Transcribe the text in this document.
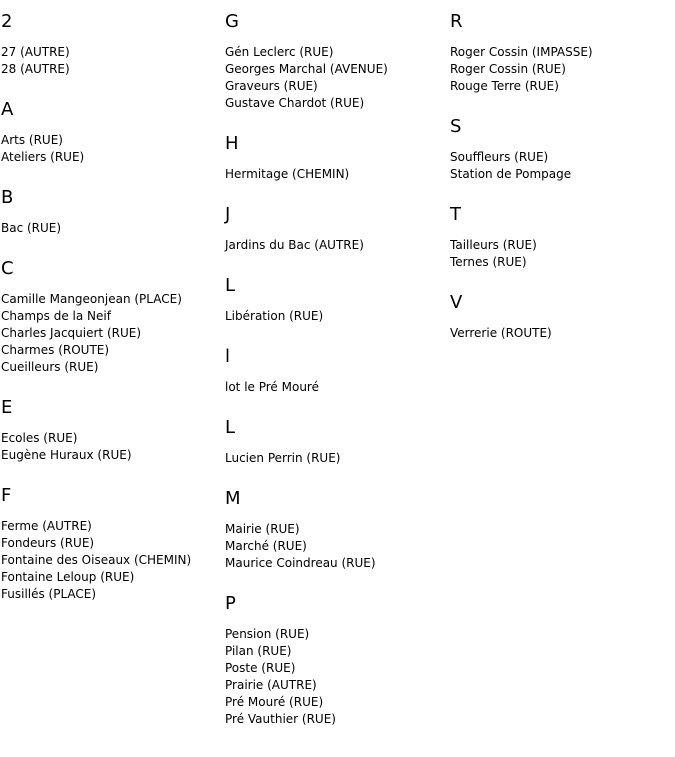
2
27 (AUTRE)
28 (AUTRE)
A
Arts (RUE)
Ateliers (RUE)
B
Bac (RUE)
C
Camille Mangeonjean (PLACE)
Champs de la Neif
Charles Jacquiert (RUE)
Charmes (ROUTE)
Cueilleurs (RUE)
E
Ecoles (RUE)
Eugène Huraux (RUE)
F
Ferme (AUTRE)
Fondeurs (RUE)
Fontaine des Oiseaux (CHEMIN)
Fontaine Leloup (RUE)
Fusillés (PLACE)
G
Gén Leclerc (RUE)
Georges Marchal (AVENUE)
Graveurs (RUE)
Gustave Chardot (RUE)
H
Hermitage (CHEMIN)
J
Jardins du Bac (AUTRE)
L
Libération (RUE)
l
lot le Pré Mouré
L
Lucien Perrin (RUE)
M
Mairie (RUE)
Marché (RUE)
Maurice Coindreau (RUE)
P
Pension (RUE)
Pilan (RUE)
Poste (RUE)
Prairie (AUTRE)
Pré Mouré (RUE)
Pré Vauthier (RUE)
R
Roger Cossin (IMPASSE)
Roger Cossin (RUE)
Rouge Terre (RUE)
S
Souffleurs (RUE)
Station de Pompage
T
Tailleurs (RUE)
Ternes (RUE)
V
Verrerie (ROUTE)
